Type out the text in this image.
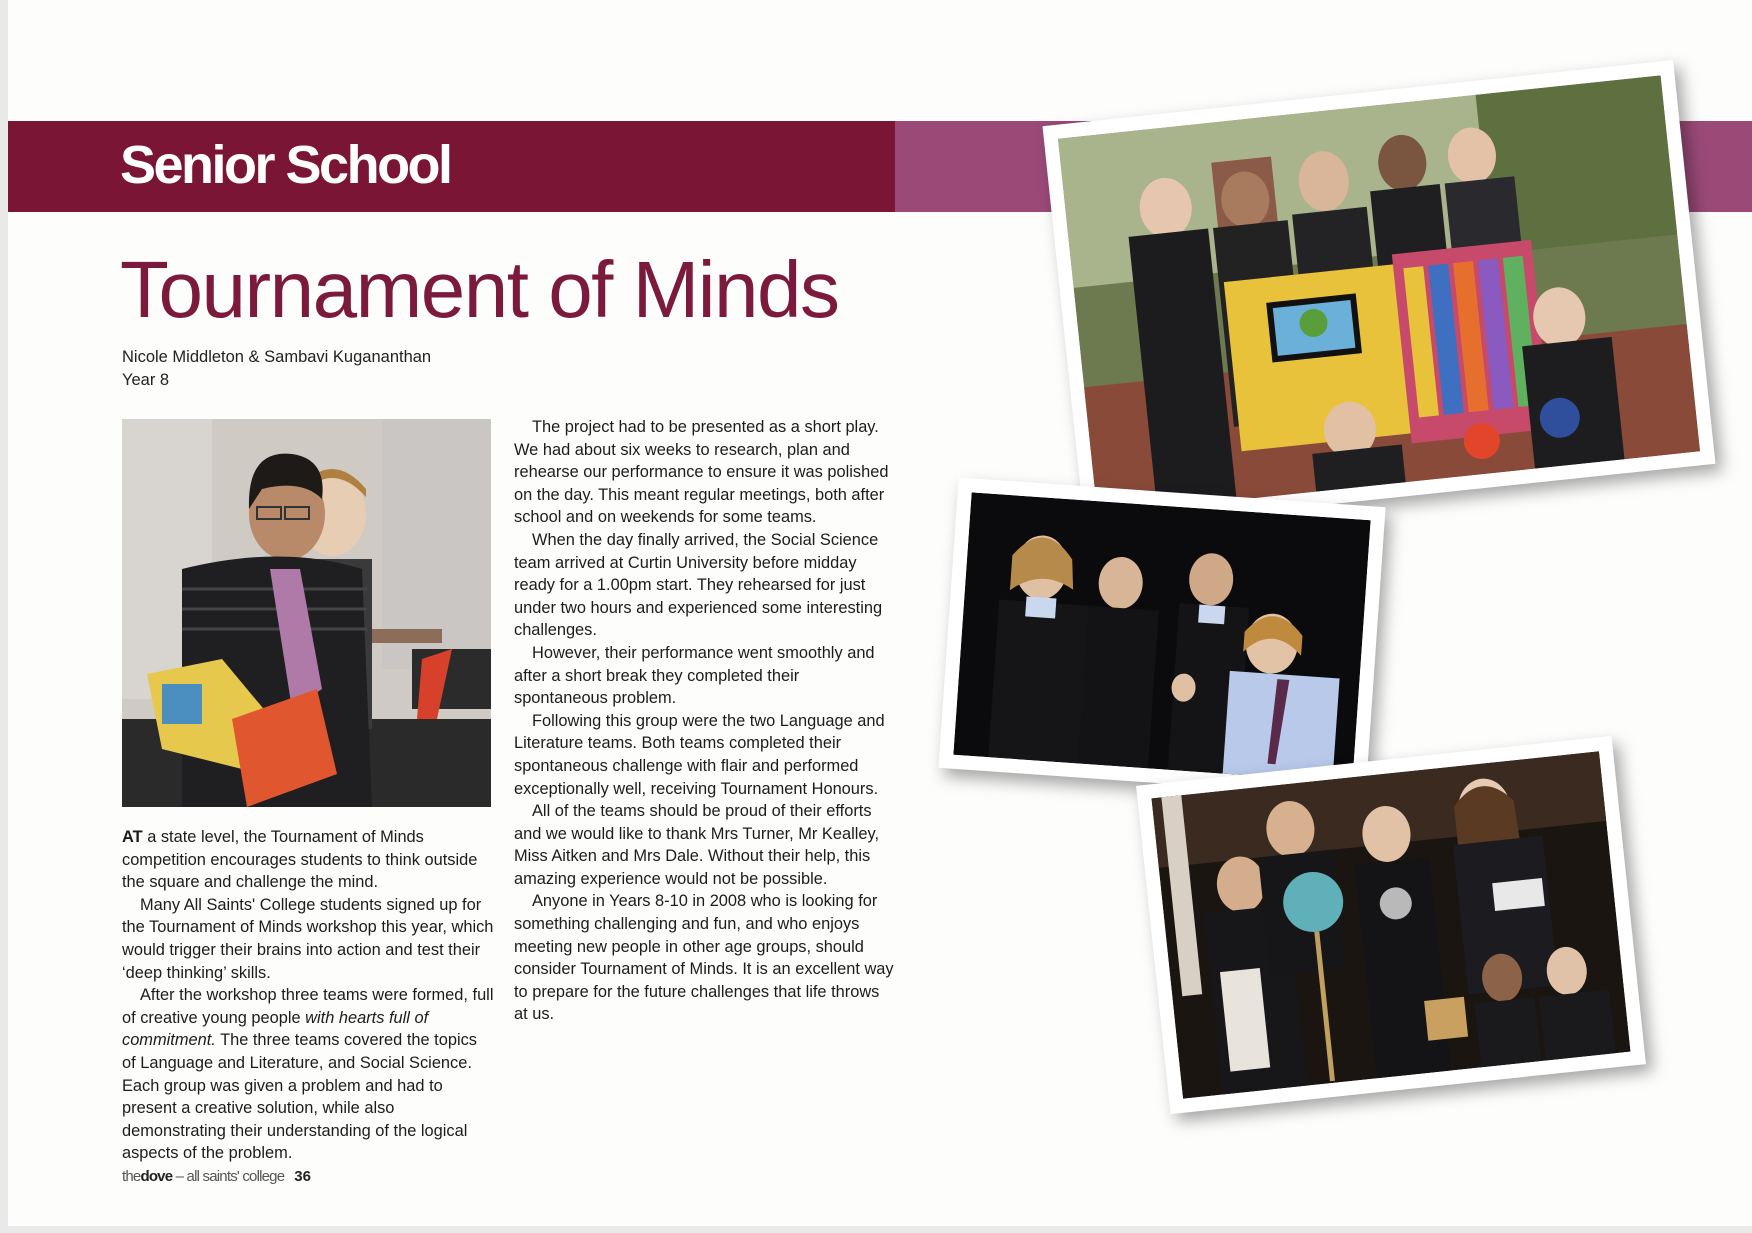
Senior School
Tournament of Minds
Nicole Middleton & Sambavi Kugananthan
Year 8

AT a state level, the Tournament of Minds competition encourages students to think outside the square and challenge the mind.

Many All Saints' College students signed up for the Tournament of Minds workshop this year, which would trigger their brains into action and test their ‘deep thinking’ skills.

After the workshop three teams were formed, full of creative young people with hearts full of commitment. The three teams covered the topics of Language and Literature, and Social Science. Each group was given a problem and had to present a creative solution, while also demonstrating their understanding of the logical aspects of the problem.

The project had to be presented as a short play. We had about six weeks to research, plan and rehearse our performance to ensure it was polished on the day. This meant regular meetings, both after school and on weekends for some teams.

When the day finally arrived, the Social Science team arrived at Curtin University before midday ready for a 1.00pm start. They rehearsed for just under two hours and experienced some interesting challenges.

However, their performance went smoothly and after a short break they completed their spontaneous problem.

Following this group were the two Language and Literature teams. Both teams completed their spontaneous challenge with flair and performed exceptionally well, receiving Tournament Honours.

All of the teams should be proud of their efforts and we would like to thank Mrs Turner, Mr Kealley, Miss Aitken and Mrs Dale. Without their help, this amazing experience would not be possible.

Anyone in Years 8-10 in 2008 who is looking for something challenging and fun, and who enjoys meeting new people in other age groups, should consider Tournament of Minds. It is an excellent way to prepare for the future challenges that life throws at us.

thedove – all saints' college 36
